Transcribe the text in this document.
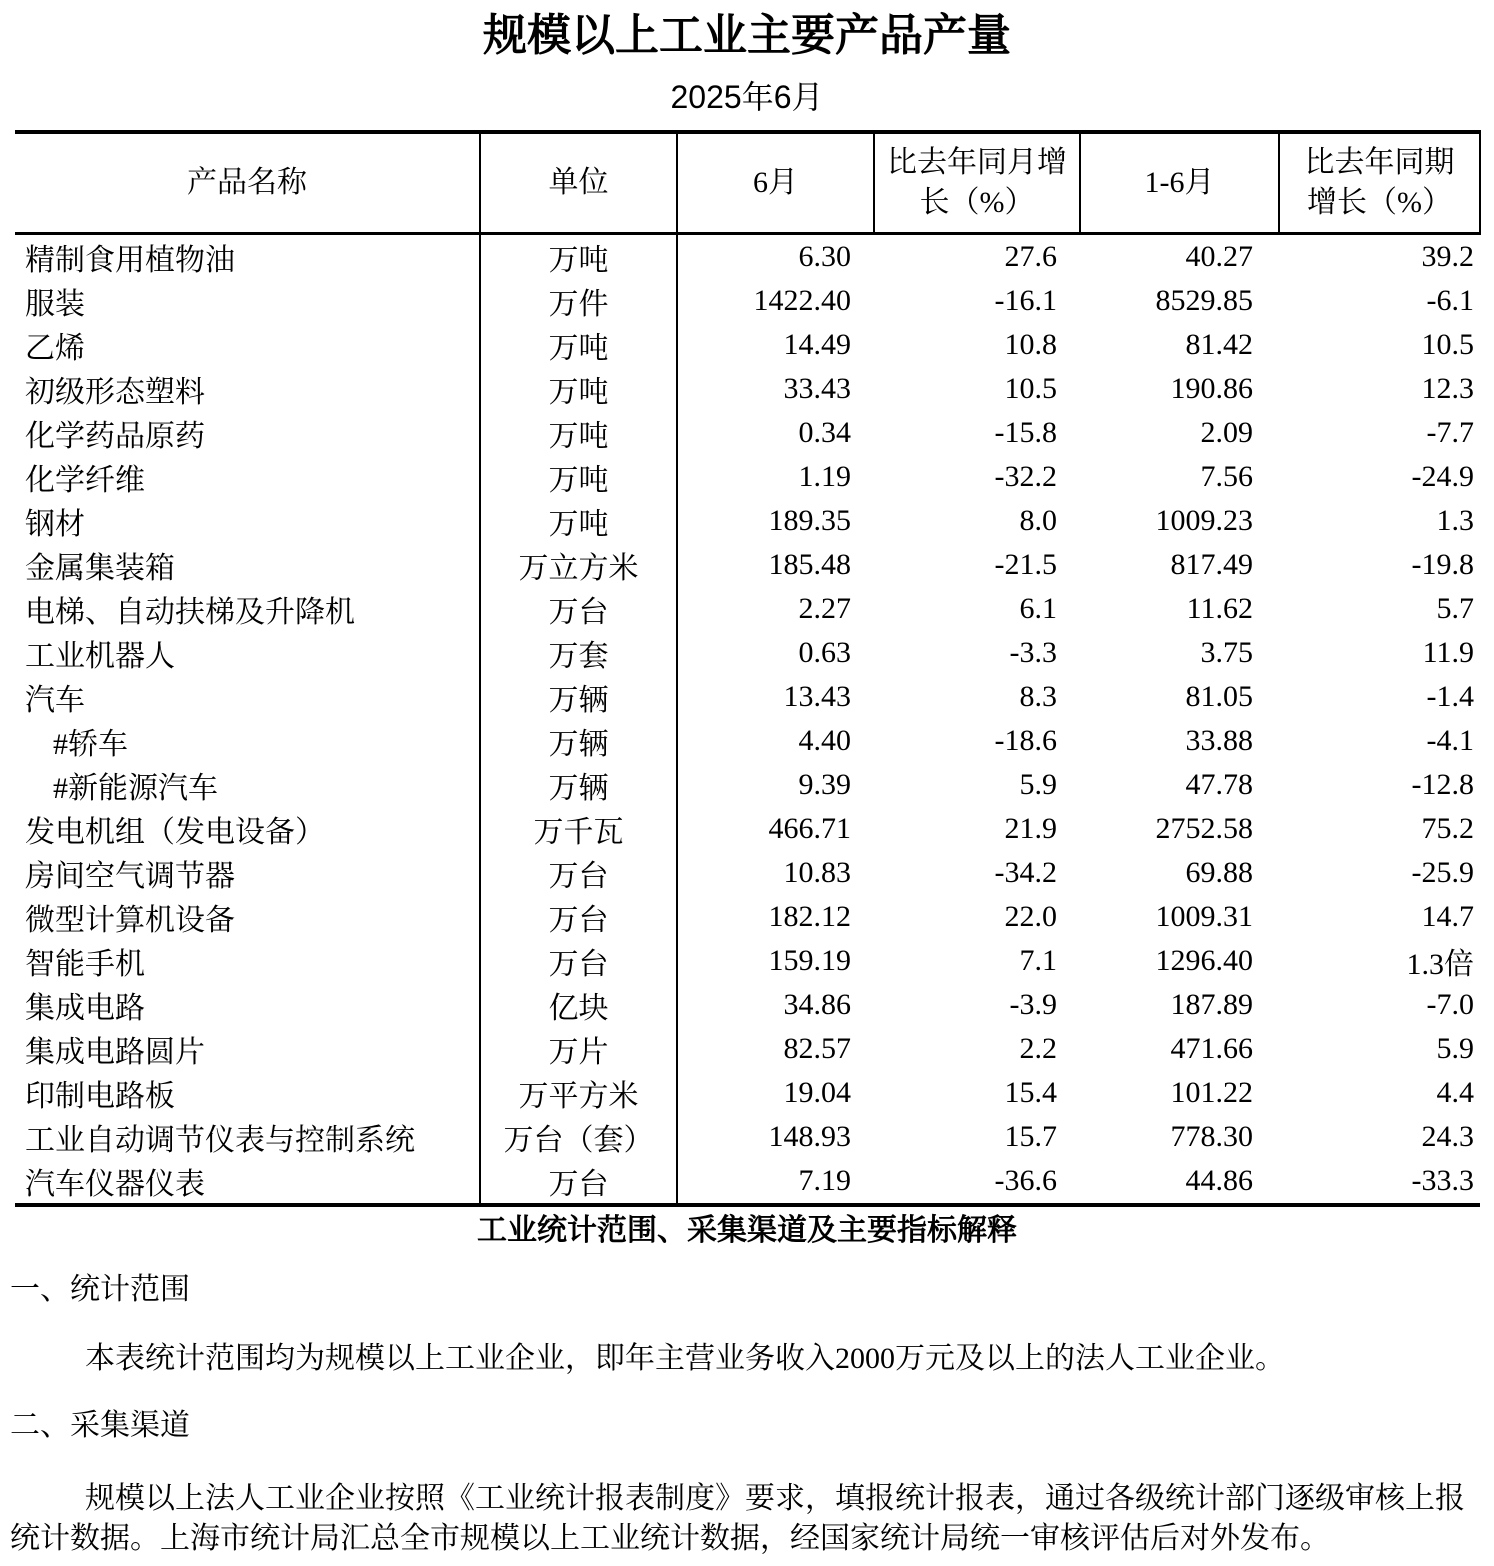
规模以上工业主要产品产量
2025年6月
产品名称	单位	6月	比去年同月增长（%）	1-6月	比去年同期增长（%）
精制食用植物油	万吨	6.30	27.6	40.27	39.2
服装	万件	1422.40	-16.1	8529.85	-6.1
乙烯	万吨	14.49	10.8	81.42	10.5
初级形态塑料	万吨	33.43	10.5	190.86	12.3
化学药品原药	万吨	0.34	-15.8	2.09	-7.7
化学纤维	万吨	1.19	-32.2	7.56	-24.9
钢材	万吨	189.35	8.0	1009.23	1.3
金属集装箱	万立方米	185.48	-21.5	817.49	-19.8
电梯、自动扶梯及升降机	万台	2.27	6.1	11.62	5.7
工业机器人	万套	0.63	-3.3	3.75	11.9
汽车	万辆	13.43	8.3	81.05	-1.4
#轿车	万辆	4.40	-18.6	33.88	-4.1
#新能源汽车	万辆	9.39	5.9	47.78	-12.8
发电机组（发电设备）	万千瓦	466.71	21.9	2752.58	75.2
房间空气调节器	万台	10.83	-34.2	69.88	-25.9
微型计算机设备	万台	182.12	22.0	1009.31	14.7
智能手机	万台	159.19	7.1	1296.40	1.3倍
集成电路	亿块	34.86	-3.9	187.89	-7.0
集成电路圆片	万片	82.57	2.2	471.66	5.9
印制电路板	万平方米	19.04	15.4	101.22	4.4
工业自动调节仪表与控制系统	万台（套）	148.93	15.7	778.30	24.3
汽车仪器仪表	万台	7.19	-36.6	44.86	-33.3
工业统计范围、采集渠道及主要指标解释
一、统计范围
本表统计范围均为规模以上工业企业，即年主营业务收入2000万元及以上的法人工业企业。
二、采集渠道
规模以上法人工业企业按照《工业统计报表制度》要求，填报统计报表，通过各级统计部门逐级审核上报统计数据。上海市统计局汇总全市规模以上工业统计数据，经国家统计局统一审核评估后对外发布。
